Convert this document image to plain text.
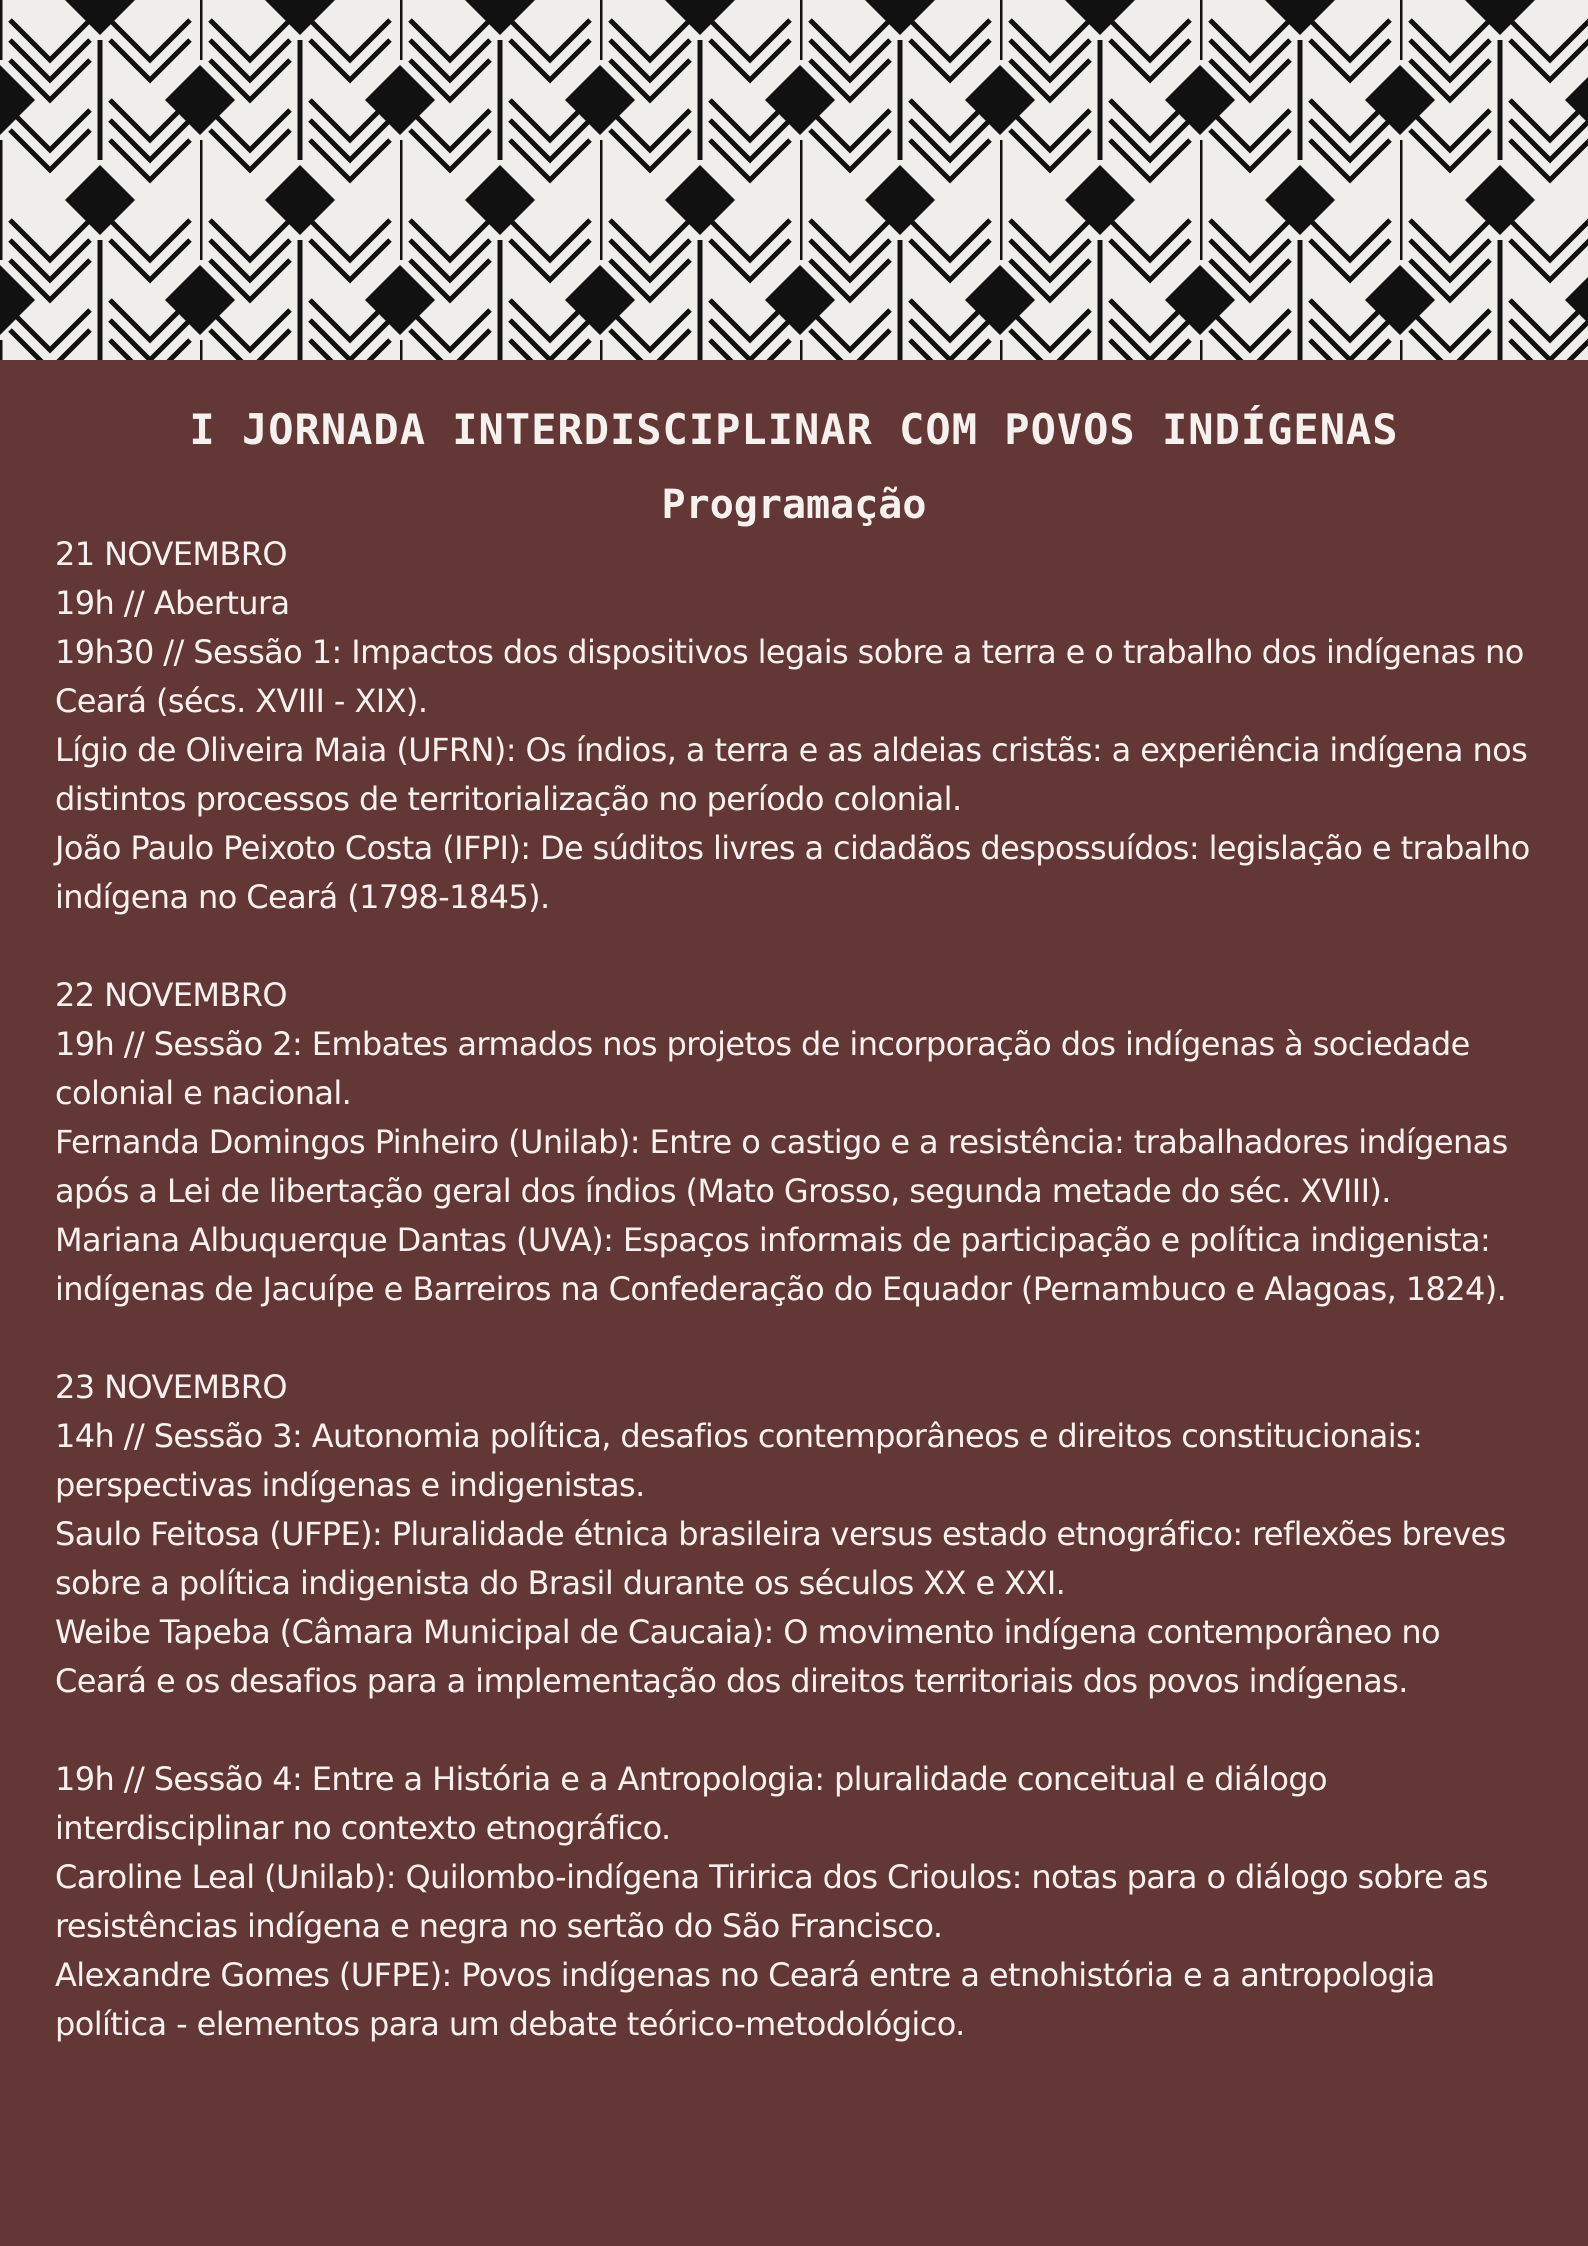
I JORNADA INTERDISCIPLINAR COM POVOS INDÍGENAS
Programação

21 NOVEMBRO

19h // Abertura

19h30 // Sessão 1: Impactos dos dispositivos legais sobre a terra e o trabalho dos indígenas no Ceará (sécs. XVIII - XIX).

Lígio de Oliveira Maia (UFRN): Os índios, a terra e as aldeias cristãs: a experiência indígena nos distintos processos de territorialização no período colonial.

João Paulo Peixoto Costa (IFPI): De súditos livres a cidadãos despossuídos: legislação e trabalho indígena no Ceará (1798-1845).

22 NOVEMBRO

19h // Sessão 2: Embates armados nos projetos de incorporação dos indígenas à sociedade colonial e nacional.

Fernanda Domingos Pinheiro (Unilab): Entre o castigo e a resistência: trabalhadores indígenas após a Lei de libertação geral dos índios (Mato Grosso, segunda metade do séc. XVIII).

Mariana Albuquerque Dantas (UVA): Espaços informais de participação e política indigenista: indígenas de Jacuípe e Barreiros na Confederação do Equador (Pernambuco e Alagoas, 1824).

23 NOVEMBRO

14h // Sessão 3: Autonomia política, desafios contemporâneos e direitos constitucionais: perspectivas indígenas e indigenistas.

Saulo Feitosa (UFPE): Pluralidade étnica brasileira versus estado etnográfico: reflexões breves sobre a política indigenista do Brasil durante os séculos XX e XXI.

Weibe Tapeba (Câmara Municipal de Caucaia): O movimento indígena contemporâneo no Ceará e os desafios para a implementação dos direitos territoriais dos povos indígenas.

19h // Sessão 4: Entre a História e a Antropologia: pluralidade conceitual e diálogo interdisciplinar no contexto etnográfico.

Caroline Leal (Unilab): Quilombo-indígena Tiririca dos Crioulos: notas para o diálogo sobre as resistências indígena e negra no sertão do São Francisco.

Alexandre Gomes (UFPE): Povos indígenas no Ceará entre a etnohistória e a antropologia política - elementos para um debate teórico-metodológico.
